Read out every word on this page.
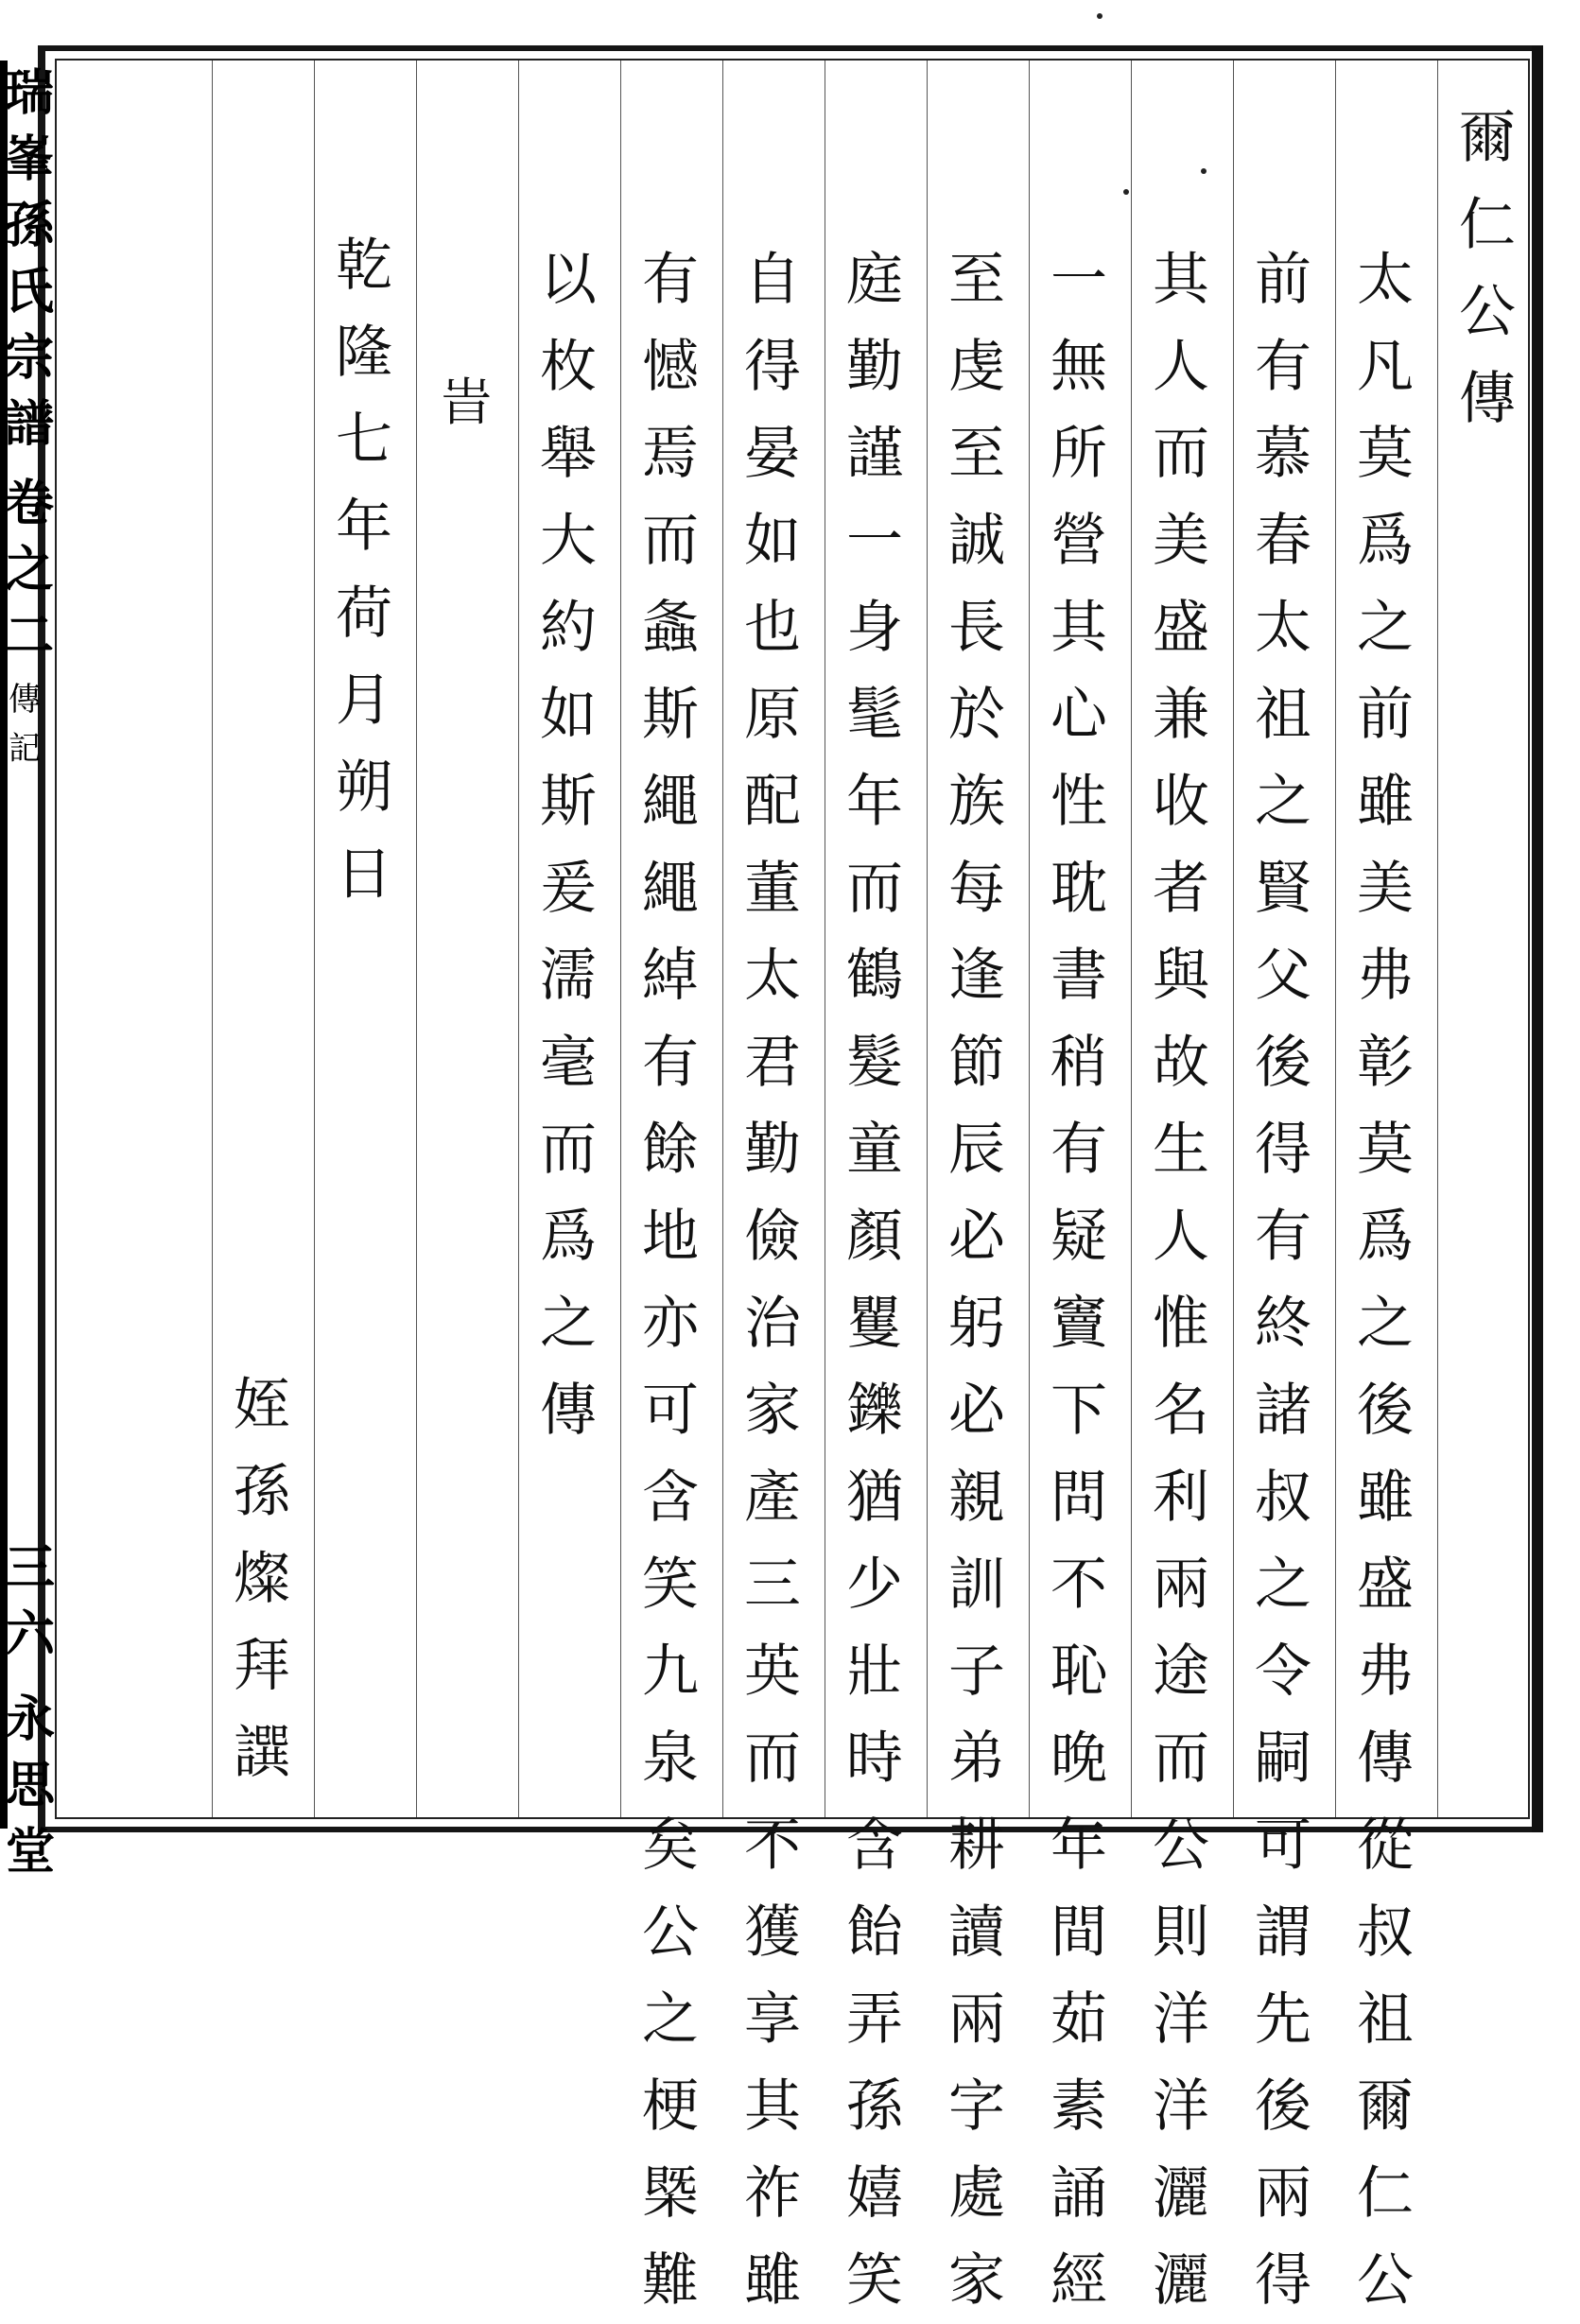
瑞
峯
孫
氏
宗
譜
卷
之
二
傳
記
三
六
永
思
堂
爾
仁
公
傳
太
凡
莫
爲
之
前
雖
美
弗
彰
莫
爲
之
後
雖
盛
弗
傳
從
叔
祖
爾
仁
公
前
有
慕
春
太
祖
之
賢
父
後
得
有
終
諸
叔
之
令
嗣
可
謂
先
後
兩
得
其
人
而
美
盛
兼
收
者
與
故
生
人
惟
名
利
兩
途
而
公
則
洋
洋
灑
灑
一
無
所
營
其
心
性
耽
書
稍
有
疑
竇
下
問
不
恥
晚
年
間
茹
素
誦
經
至
虔
至
誠
長
於
族
每
逢
節
辰
必
躬
必
親
訓
子
弟
耕
讀
兩
字
處
家
庭
勤
謹
一
身
髦
年
而
鶴
髮
童
顏
矍
鑠
猶
少
壯
時
含
飴
弄
孫
嬉
笑
自
得
晏
如
也
原
配
董
太
君
勤
儉
治
家
產
三
英
而
不
獲
享
其
祚
雖
有
憾
焉
而
螽
斯
繩
繩
綽
有
餘
地
亦
可
含
笑
九
泉
矣
公
之
梗
槩
難
以
枚
舉
大
約
如
斯
爰
濡
毫
而
爲
之
傳
旹
乾
隆
七
年
荷
月
朔
日
姪
孫
燦
拜
譔
